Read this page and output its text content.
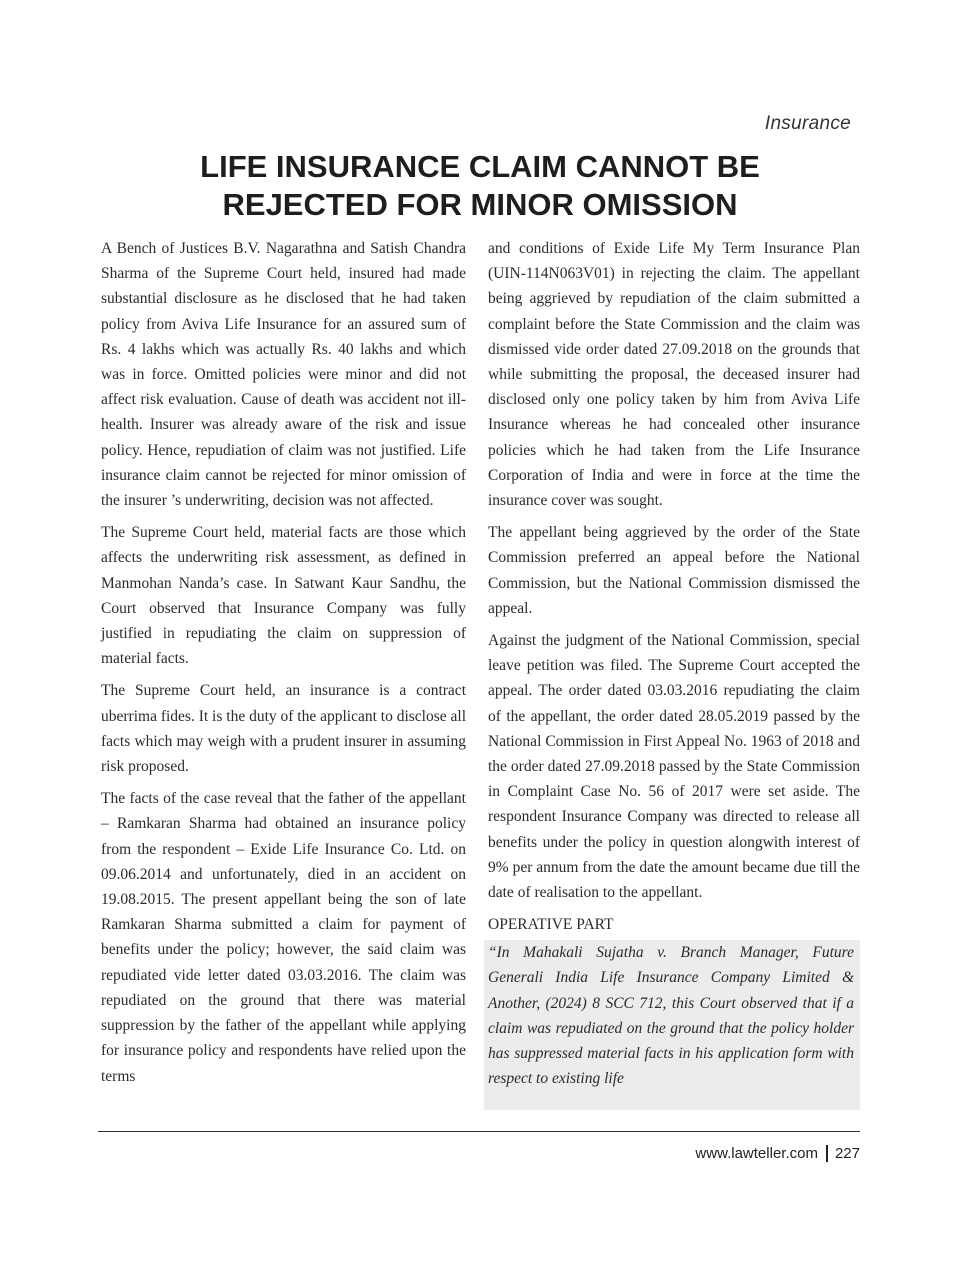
Insurance
LIFE INSURANCE CLAIM CANNOT BE
REJECTED FOR MINOR OMISSION

A Bench of Justices B.V. Nagarathna and Satish Chandra Sharma of the Supreme Court held, insured had made substantial disclosure as he disclosed that he had taken policy from Aviva Life Insurance for an assured sum of Rs. 4 lakhs which was actually Rs. 40 lakhs and which was in force. Omitted policies were minor and did not affect risk evaluation. Cause of death was accident not ill-health. Insurer was already aware of the risk and issue policy. Hence, repudiation of claim was not justified. Life insurance claim cannot be rejected for minor omission of the insurer ’s underwriting, decision was not affected.

The Supreme Court held, material facts are those which affects the underwriting risk assessment, as defined in Manmohan Nanda’s case. In Satwant Kaur Sandhu, the Court observed that Insurance Company was fully justified in repudiating the claim on suppression of material facts.

The Supreme Court held, an insurance is a contract uberrima fides. It is the duty of the applicant to disclose all facts which may weigh with a prudent insurer in assuming risk proposed.

The facts of the case reveal that the father of the appellant – Ramkaran Sharma had obtained an insurance policy from the respondent – Exide Life Insurance Co. Ltd. on 09.06.2014 and unfortunately, died in an accident on 19.08.2015. The present appellant being the son of late Ramkaran Sharma submitted a claim for payment of benefits under the policy; however, the said claim was repudiated vide letter dated 03.03.2016. The claim was repudiated on the ground that there was material suppression by the father of the appellant while applying for insurance policy and respondents have relied upon the terms

and conditions of Exide Life My Term Insurance Plan (UIN-114N063V01) in rejecting the claim. The appellant being aggrieved by repudiation of the claim submitted a complaint before the State Commission and the claim was dismissed vide order dated 27.09.2018 on the grounds that while submitting the proposal, the deceased insurer had disclosed only one policy taken by him from Aviva Life Insurance whereas he had concealed other insurance policies which he had taken from the Life Insurance Corporation of India and were in force at the time the insurance cover was sought.

The appellant being aggrieved by the order of the State Commission preferred an appeal before the National Commission, but the National Commission dismissed the appeal.

Against the judgment of the National Commission, special leave petition was filed. The Supreme Court accepted the appeal. The order dated 03.03.2016 repudiating the claim of the appellant, the order dated 28.05.2019 passed by the National Commission in First Appeal No. 1963 of 2018 and the order dated 27.09.2018 passed by the State Commission in Complaint Case No. 56 of 2017 were set aside. The respondent Insurance Company was directed to release all benefits under the policy in question alongwith interest of 9% per annum from the date the amount became due till the date of realisation to the appellant.

OPERATIVE PART

“In Mahakali Sujatha v. Branch Manager, Future Generali India Life Insurance Company Limited & Another, (2024) 8 SCC 712, this Court observed that if a claim was repudiated on the ground that the policy holder has suppressed material facts in his application form with respect to existing life

www.lawteller.com 227
